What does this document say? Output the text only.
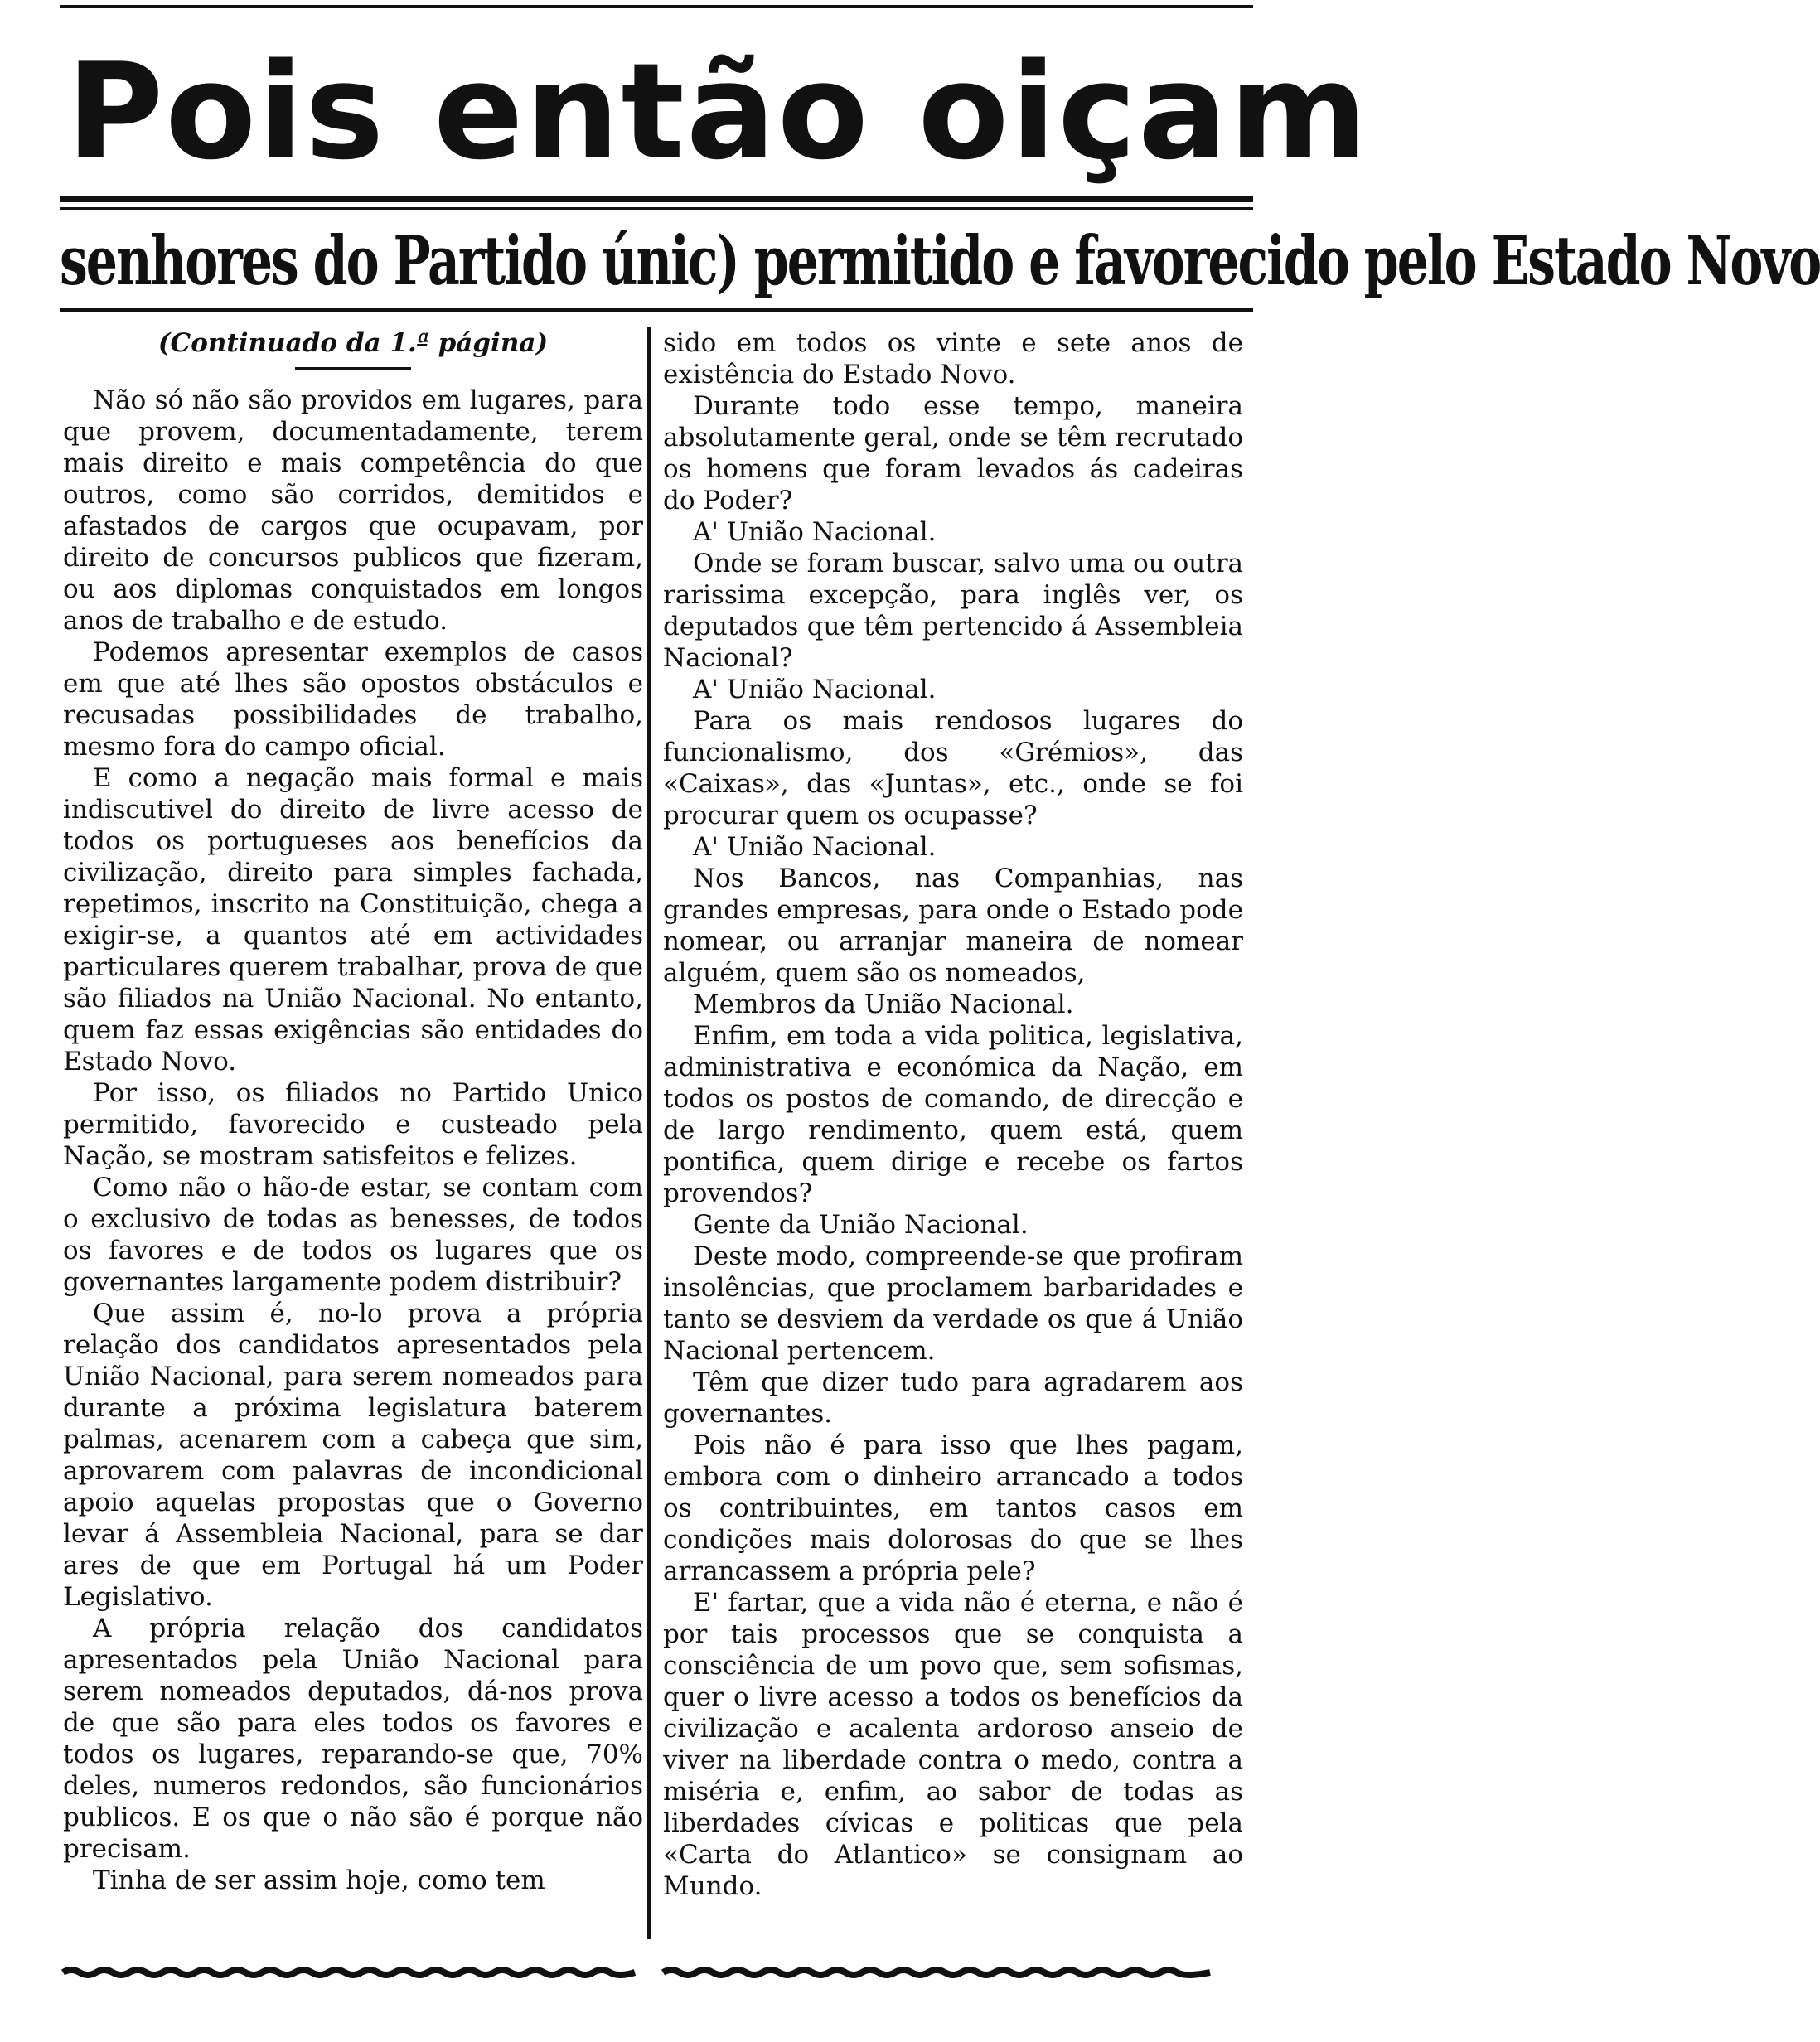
Pois então oiçam
senhores do Partido únic) permitido e favorecido pelo Estado Novo

(Continuado da 1.ª página)

Não só não são providos em lugares, para que provem, documentadamente, terem mais direito e mais competência do que outros, como são corridos, demitidos e afastados de cargos que ocupavam, por direito de concursos publicos que fizeram, ou aos diplomas conquistados em longos anos de trabalho e de estudo.

Podemos apresentar exemplos de casos em que até lhes são opostos obstáculos e recusadas possibilidades de trabalho, mesmo fora do campo oficial.

E como a negação mais formal e mais indiscutivel do direito de livre acesso de todos os portugueses aos benefícios da civilização, direito para simples fachada, repetimos, inscrito na Constituição, chega a exigir-se, a quantos até em actividades particulares querem trabalhar, prova de que são filiados na União Nacional. No entanto, quem faz essas exigências são entidades do Estado Novo.

Por isso, os filiados no Partido Unico permitido, favorecido e custeado pela Nação, se mostram satisfeitos e felizes.

Como não o hão-de estar, se contam com o exclusivo de todas as benesses, de todos os favores e de todos os lugares que os governantes largamente podem distribuir?

Que assim é, no-lo prova a própria relação dos candidatos apresentados pela União Nacional, para serem nomeados para durante a próxima legislatura baterem palmas, acenarem com a cabeça que sim, aprovarem com palavras de incondicional apoio aquelas propostas que o Governo levar á Assembleia Nacional, para se dar ares de que em Portugal há um Poder Legislativo.

A própria relação dos candidatos apresentados pela União Nacional para serem nomeados deputados, dá-nos prova de que são para eles todos os favores e todos os lugares, reparando-se que, 70% deles, numeros redondos, são funcionários publicos. E os que o não são é porque não precisam.

Tinha de ser assim hoje, como tem

sido em todos os vinte e sete anos de existência do Estado Novo.

Durante todo esse tempo, maneira absolutamente geral, onde se têm recrutado os homens que foram levados ás cadeiras do Poder?

A' União Nacional.

Onde se foram buscar, salvo uma ou outra rarissima excepção, para inglês ver, os deputados que têm pertencido á Assembleia Nacional?

A' União Nacional.

Para os mais rendosos lugares do funcionalismo, dos «Grémios», das «Caixas», das «Juntas», etc., onde se foi procurar quem os ocupasse?

A' União Nacional.

Nos Bancos, nas Companhias, nas grandes empresas, para onde o Estado pode nomear, ou arranjar maneira de nomear alguém, quem são os nomeados,

Membros da União Nacional.

Enfim, em toda a vida politica, legislativa, administrativa e económica da Nação, em todos os postos de comando, de direcção e de largo rendimento, quem está, quem pontifica, quem dirige e recebe os fartos provendos?

Gente da União Nacional.

Deste modo, compreende-se que profiram insolências, que proclamem barbaridades e tanto se desviem da verdade os que á União Nacional pertencem.

Têm que dizer tudo para agradarem aos governantes.

Pois não é para isso que lhes pagam, embora com o dinheiro arrancado a todos os contribuintes, em tantos casos em condições mais dolorosas do que se lhes arrancassem a própria pele?

E' fartar, que a vida não é eterna, e não é por tais processos que se conquista a consciência de um povo que, sem sofismas, quer o livre acesso a todos os benefícios da civilização e acalenta ardoroso anseio de viver na liberdade contra o medo, contra a miséria e, enfim, ao sabor de todas as liberdades cívicas e politicas que pela «Carta do Atlantico» se consignam ao Mundo.
